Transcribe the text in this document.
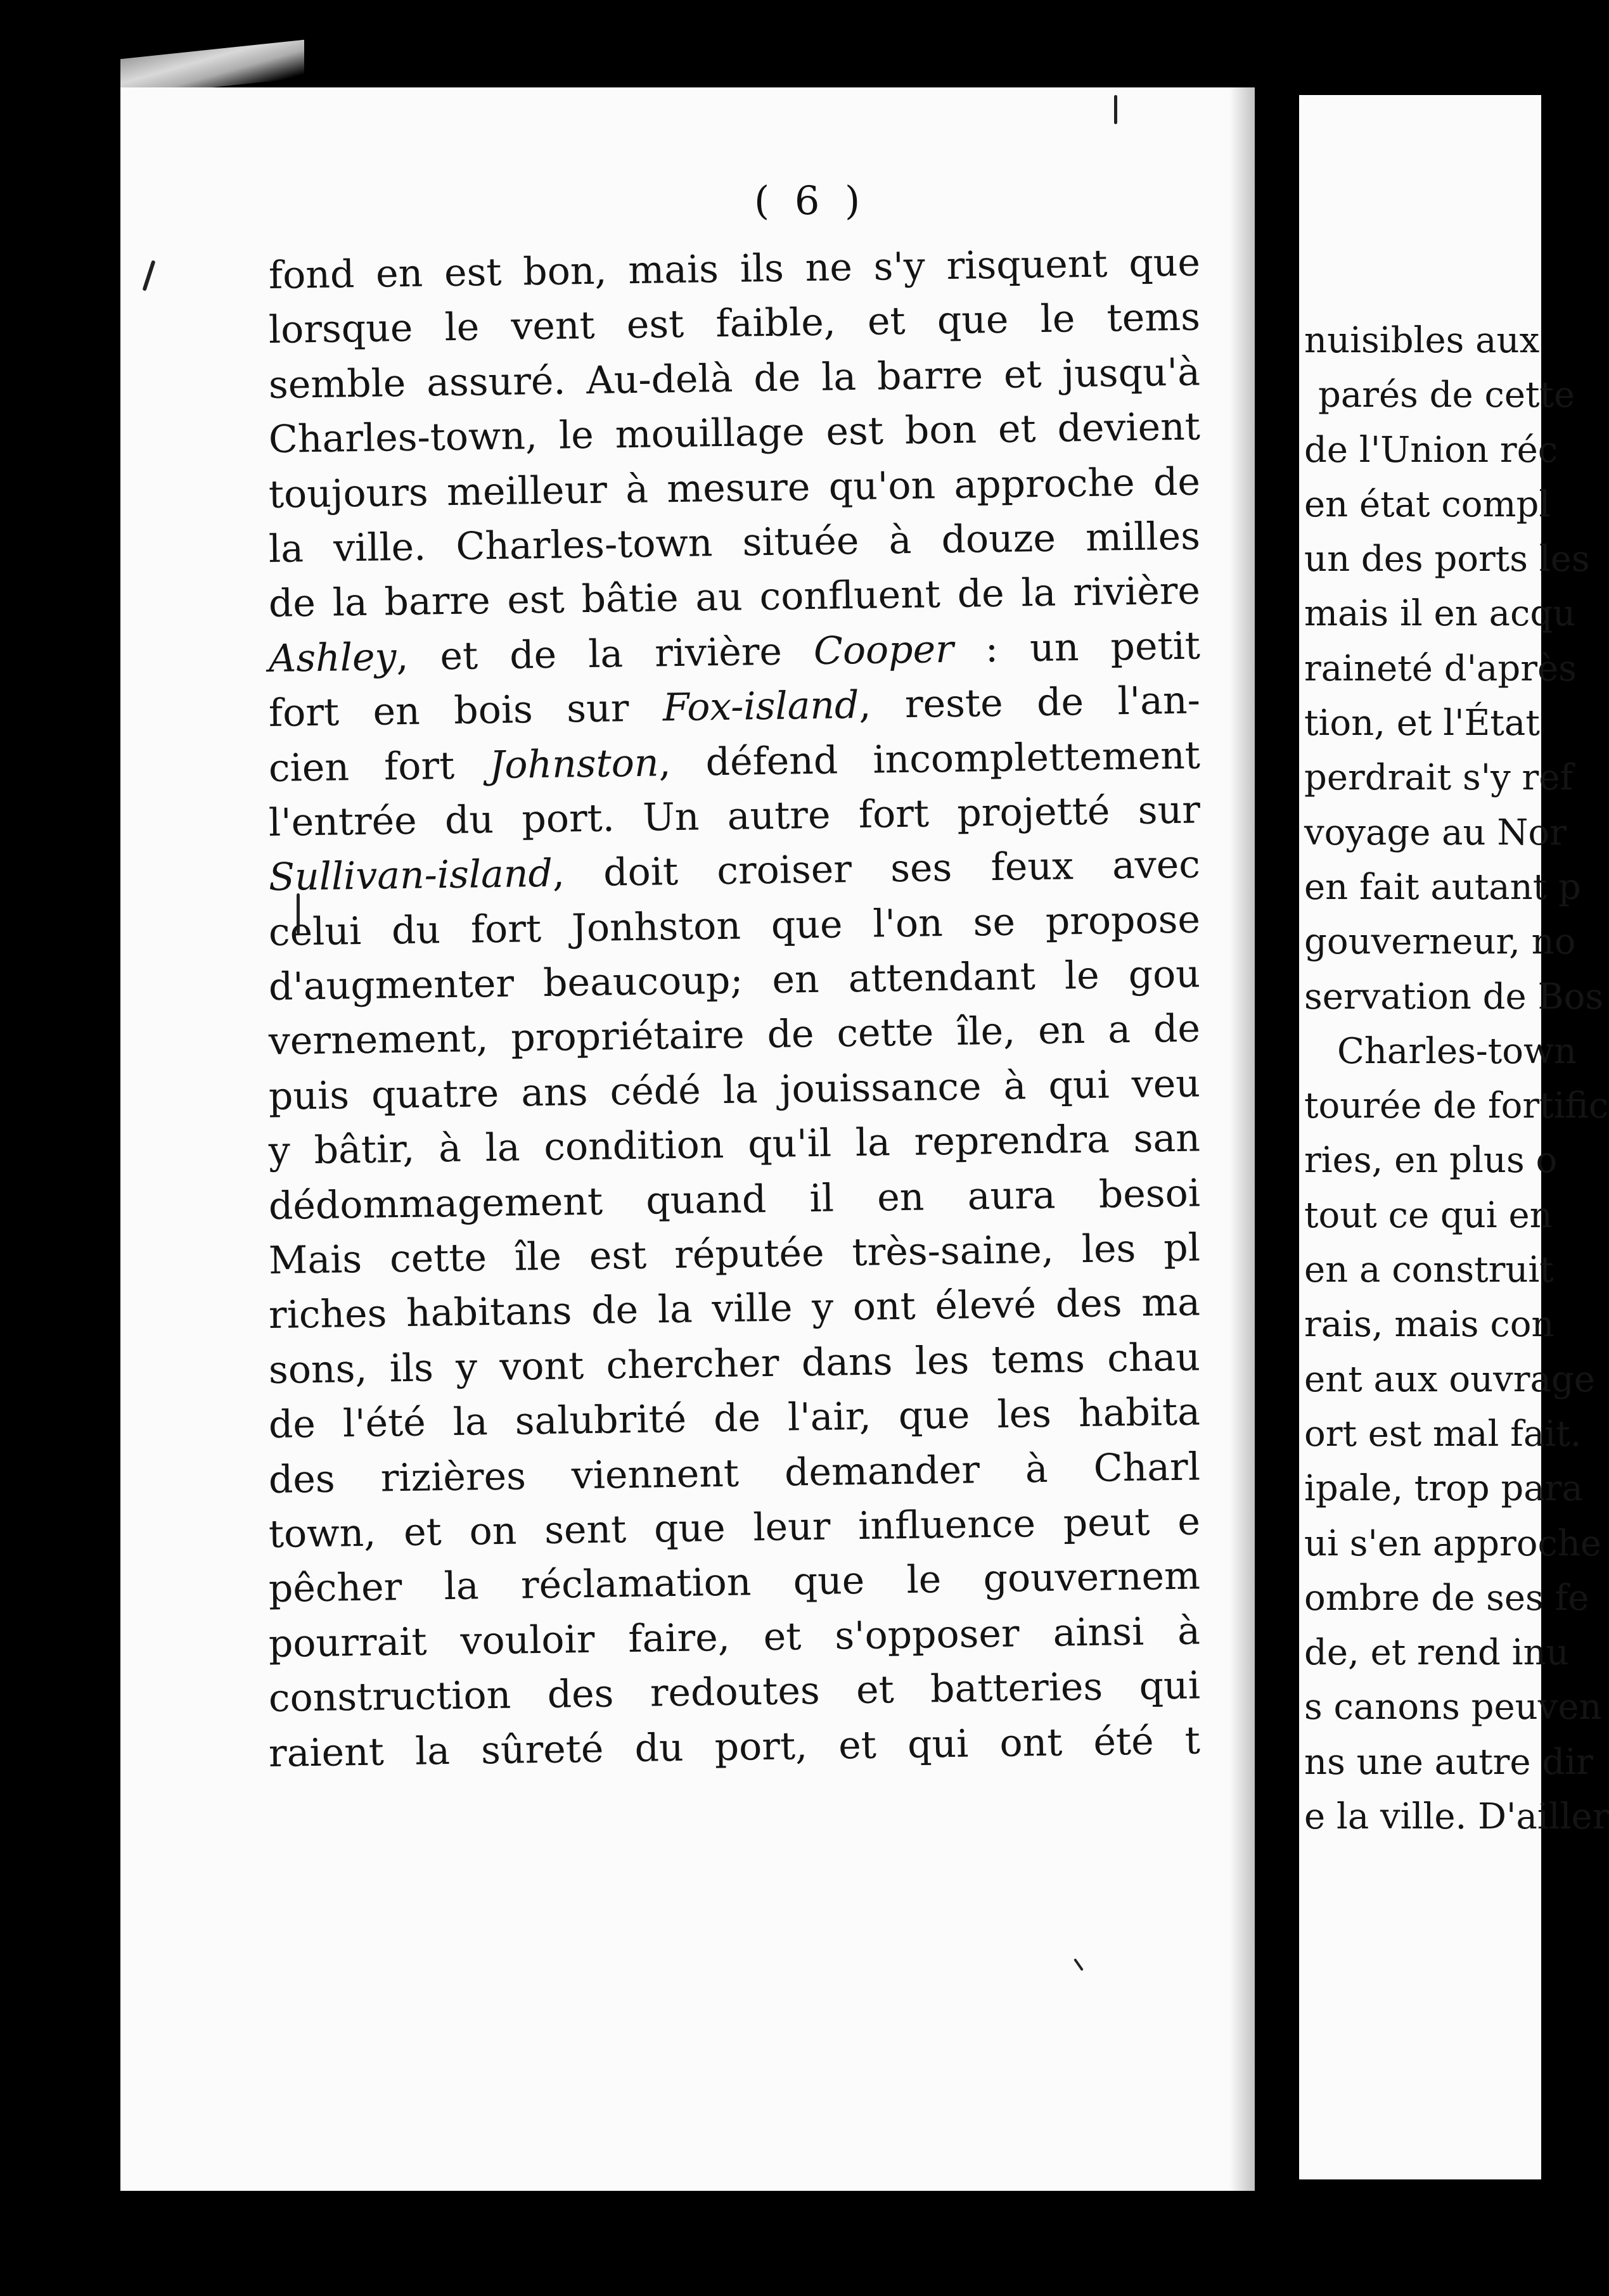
nuisibles aux
parés de cette
de l'Union réc
en état compl
un des ports les
mais il en acqu
raineté d'après
tion, et l'État
perdrait s'y ref
voyage au Nor
en fait autant p
gouverneur, no
servation de Bos
Charles-town
tourée de fortific
ries, en plus o
tout ce qui en
en a construit
rais, mais con
ent aux ouvrage
ort est mal fait.
ipale, trop para
ui s'en approche
ombre de ses fe
de, et rend inu
s canons peuven
ns une autre dir
e la ville. D'ailler
( 6 )
fond en est bon, mais ils ne s'y risquent que
lorsque le vent est faible, et que le tems
semble assuré. Au-delà de la barre et jusqu'à
Charles-town, le mouillage est bon et devient
toujours meilleur à mesure qu'on approche de
la ville. Charles-town située à douze milles
de la barre est bâtie au confluent de la rivière
Ashley, et de la rivière Cooper : un petit
fort en bois sur Fox-island, reste de l'an-
cien fort Johnston, défend incomplettement
l'entrée du port. Un autre fort projetté sur
Sullivan-island, doit croiser ses feux avec
celui du fort Jonhston que l'on se propose
d'augmenter beaucoup; en attendant le gou
vernement, propriétaire de cette île, en a de
puis quatre ans cédé la jouissance à qui veu
y bâtir, à la condition qu'il la reprendra san
dédommagement quand il en aura besoi
Mais cette île est réputée très-saine, les pl
riches habitans de la ville y ont élevé des ma
sons, ils y vont chercher dans les tems chau
de l'été la salubrité de l'air, que les habita
des rizières viennent demander à Charl
town, et on sent que leur influence peut e
pêcher la réclamation que le gouvernem
pourrait vouloir faire, et s'opposer ainsi à
construction des redoutes et batteries qui
raient la sûreté du port, et qui ont été t
